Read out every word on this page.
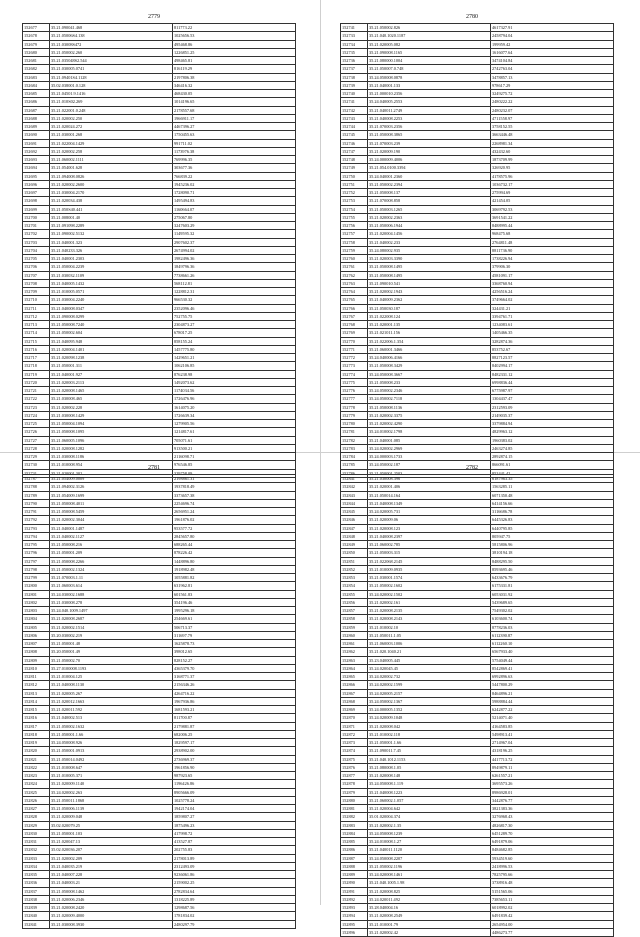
2779
152677	35.21.090041.468	811773.22
152678	35.21.05006S4.138	1025656.53
152679	35.21.03008S472	495468.86
152680	35.21.050002.260	1226851.25
152681	35.21.035048S2.544	498465.81
152682	35.21.030005.0741	816119.29
152683	35.21.09401S4.1128	2197806.38
152684	35.02.038001.0.128	346416.32
152685	35.21.04501.9.1416	468430.05
152686	35.21.010S02.269	1014196.65
152687	35.21.022001.0.248	2178557.68
152688	35.21.020002.250	1966911.17
152689	35.21.020024.272	4467396.27
152690	35.21.030001.268	1750455.63
152691	35.21.022004.1429	991711.02
152692	35.21.020002.258	1173976.38
152693	35.21.060002.1111	769996.35
152694	35.21.054001.628	303677.36
152695	35.21.094008.0826	766839.22
152696	35.21.020002.2600	1945236.02
152697	35.21.030004.2170	1728090.71
152698	35.21.020034.438	1495494.83
152699	35.21.050S40.441	1160664.07
152700	35.21.008001.40	275067.80
152701	35.21.091098.2289	3247603.29
152702	35.21.090002.5132	1149595.32
152703	35.21.040001.323	2907602.37
152704	35.21.040233.326	2674994.02
152705	35.21.040001.2303	1982496.36
152706	35.21.050004.2239	1849796.36
152707	35.21.030032.1109	7738661.26
152708	35.21.040005.1432	568112.81
152709	35.21.010005.0571	1228812.31
152710	35.21.030004.2240	966530.32
152711	35.21.040008.0347	2352096.46
152712	35.21.090008.0299	752755.75
152713	35.21.050008.7240	2304873.27
152714	35.21.050002.604	678017.25
152715	35.21.040095.948	858155.24
152716	35.21.020004.1401	1457775.80
152717	35.21.020098.1238	1429651.21
152718	35.21.050001.311	1062106.85
152719	35.21.040001.927	876238.98
152720	35.21.020003.2113	1492073.62
152721	35.21.020008.1465	1174034.56
152722	35.21.030008.465	1726476.96
152723	35.21.020002.228	1614075.20
152724	35.21.030008.1429	1726639.34
152725	35.21.050004.1094	1279905.56
152726	35.21.050008.1095	1214817.61
152727	35.21.060005.1096	705071.61
152728	35.21.020008.1282	913500.21
152729	35.21.030008.1186	2116098.71
152730	35.21.010008.954	976546.85
152731	35.21.020001.302	329758.09
2780
152741	35.21.050002.826	4617327.91
152733	35.21.040.1020.1187	2458794.04
152734	35.21.020005.082	199959.42
152735	35.21.090008.1165	1616077.64
152736	35.21.080000.1004	3474104.84
152737	35.21.050007.0.748	2742763.04
152738	35.24.050008.0878	3478857.13
152739	35.21.040001.133	978617.29
152740	35.21.000010.2356	3249275.72
152741	35.24.040005.2553	2480222.22
152742	35.21.040011.2749	2480232.07
152743	35.21.040008.2253	4711558.97
152744	35.21.070003.2356	3758152.55
152745	35.21.050008.3865	3663446.48
152746	35.21.070003.239	2268981.34
152747	35.21.020009.190	432432.60
152748	35.24.000009.4006	1873709.99
152749	35.21.054.0100.3394	326920.95
152750	35.24.040001.2360	4178575.96
152751	35.21.050002.2394	1036732.17
152752	35.21.050008.137	275994.69
152753	35.21.070008.858	421454.05
152754	35.21.050003.1265	3069792.53
152755	35.21.020002.2363	3691541.22
152756	35.21.050006.1944	8488995.44
152757	35.21.020004.1456	968475.68
152758	35.21.040002.233	2764811.48
152759	35.24.080002.935	8811736.90
152760	35.21.020003.3390	1738226.94
152761	35.21.050008.1495	379906.30
152762	35.21.050008.1495	4581091.17
152763	35.21.090010.541	3368760.94
152764	35.21.020002.1943	4256516.24
152765	35.21.040009.2362	3749664.02
152766	35.21.050030.187	324431.21
152767	35.21.022008.124	3394761.71
152768	35.21.020001.135	1234083.61
152769	35.21.021011.156	1405466.35
152770	35.21.022006.1.354	3282874.36
152771	35.21.060001.3466	853752.67
152772	35.24.040006.4166	8827123.57
152773	35.21.050008.3429	8402994.17
152774	35.24.050008.3667	8482331.12
152775	35.21.050008.233	6998836.44
152776	35.24.050002.2346	6775987.97
152777	35.24.050002.7118	1304437.47
152778	35.21.050008.1136	2312593.09
152779	35.21.020002.3375	2149035.37
152780	35.21.020002.4290	3379884.94
152781	35.24.010002.1798	4829963.12
152782	35.21.040001.085	1960383.02
152783	35.24.020002.2969	2463274.85
152784	35.24.000003.1733	2892874.15
152785	35.24.050002.187	866091.61
152786	35.21.050001.2503	852441.42
2781
152787	35.21.054009.0009	2198861.31
152788	35.21.094002.3126	1937818.49
152789	35.21.054009.1699	3373657.38
152790	35.21.050008.4011	2254696.74
152791	35.21.050008.5459	2656951.24
152792	35.21.020002.3044	1961876.02
152793	35.21.040001.1487	953577.72
152794	35.21.040002.1127	2845657.80
152795	35.21.050008.216	688265.44
152796	35.21.050001.209	878226.42
152797	35.21.050008.2266	1448896.80
152798	35.21.050002.1324	1918982.48
152799	35.21.070003.1.11	1055881.82
152800	35.21.060003.614	631962.81
152801	35.24.030002.1688	601561.83
152802	35.21.030008.278	354196.46
152803	35.24.040.1009.1497	1995296.18
152804	35.21.020008.2687	254669.61
152805	35.21.020002.1514	506713.37
152806	35.20.030002.219	311697.79
152807	35.21.050001.48	1625878.73
152808	35.20.050001.49	398012.65
152809	35.21.050002.70	828152.27
152810	35.27.0100008.1193	4365379.70
152811	35.21.010004.125	3168771.37
152812	35.21.040008.1130	2156346.26
152813	35.21.020005.267	4264716.22
152814	35.21.020012.1663	1967936.86
152815	35.21.020011.592	1681593.21
152816	35.21.040002.513	811700.87
152817	35.21.050002.1632	2179881.87
152818	35.21.050001.1.66	682006.25
152819	35.24.050008.926	1829597.17
152820	35.21.050001.0913	2938902.00
152821	35.21.050014.0492	2736969.37
152822	35.21.010008.647	1961856.90
152823	35.21.010005.371	987923.65
152824	35.21.020009.1140	1196426.86
152825	35.24.020002.263	8905666.09
152826	35.21.050011.1868	1025778.24
152827	35.21.050006.1139	1942174.04
152828	35.21.020009.048	1859807.27
152829	35.02.020079.25	1875496.23
152830	35.21.050001.103	417998.72
152831	35.21.020047.13	413527.87
152832	35.02.020036.207	202755.83
152833	35.21.020002.209	2178013.89
152834	35.21.040035.219	2312493.09
152835	35.21.040007.228	9236061.86
152836	35.21.040003.21	2159002.25
152837	35.21.050008.1462	2782834.64
152838	35.21.020006.2346	1318225.89
152839	35.21.020008.2420	1298687.56
152840	35.21.020009.4000	1781834.02
152841	35.21.030008.3930	2480297.79
2782
152841	35.21.030008.396	6187963.35
152842	35.21.020001.406	1563285.11
152843	35.21.050014.164	6071350.48
152844	35.21.040008.1349	6414156.66
152845	35.24.020005.731	3116686.78
152846	35.21.020009.06	6445326.83
152847	35.21.020008.123	6440795.85
152848	35.21.040008.2397	805947.75
152849	35.21.060002.785	5815806.96
152850	35.21.050003.315	3810194.18
152851	35.21.022068.2145	8488295.50
152852	35.21.010009.0935	8593695.46
152853	35.21.030001.1574	6433676.79
152854	35.21.050002.1602	6175331.81
152855	35.24.020002.1502	6053031.92
152856	35.21.020002.161	5439689.65
152857	35.21.020008.2135	7549302.02
152858	35.21.020008.2143	6103600.74
152859	35.21.010002.10	8778236.03
152860	35.21.050011.1.05	6112390.87
152861	35.21.060003.1006	6112260.10
152862	35.21.020.1040.21	6567933.40
152863	35.23.040005.445	5754049.44
152864	35.24.020045.45	8542869.41
152865	35.24.020002.732	6992896.63
152866	35.24.020002.1599	5447800.29
152867	35.24.020005.2157	8464896.21
152868	35.24.050002.1367	5988884.44
152869	35.24.000005.1352	6242877.22
152870	35.24.020009.1048	5214071.40
152871	35.21.020008.042	4164583.85
152872	35.21.010002.118	5498913.41
152873	35.21.050001.1.66	2714967.04
152874	35.21.090011.7.45	4318196.25
152875	35.21.040.1012.1153	4417713.72
152876	35.21.080008.1.05	8949879.11
152877	35.21.020008.148	6261557.21
152878	35.24.050008.1.119	3695573.26
152879	35.21.040008.1223	8986928.01
152880	35.21.060002.1.057	3442876.77
152881	35.21.020004.642	3821383.36
152882	35.01.020004.374	3276968.43
152883	35.21.020002.1.35	4826817.30
152884	35.24.050008.1239	6451289.70
152885	35.24.010008.1.27	6491879.06
152886	35.21.040011.1120	8484682.85
152887	35.24.050008.2207	5934519.60
152888	35.21.050002.1196	2418996.53
152889	35.24.020008.1461	7825795.66
152890	35.21.040.1005.1.98	3738916.48
152891	35.21.020008.825	5151565.06
152892	35.24.020011.492	7385653.11
152893	35.28.040004.16	6018992.02
152894	35.21.020008.2549	6491839.42
152895	35.21.010001.79	2654954.00
152896	35.21.020002.42	4486273.77
